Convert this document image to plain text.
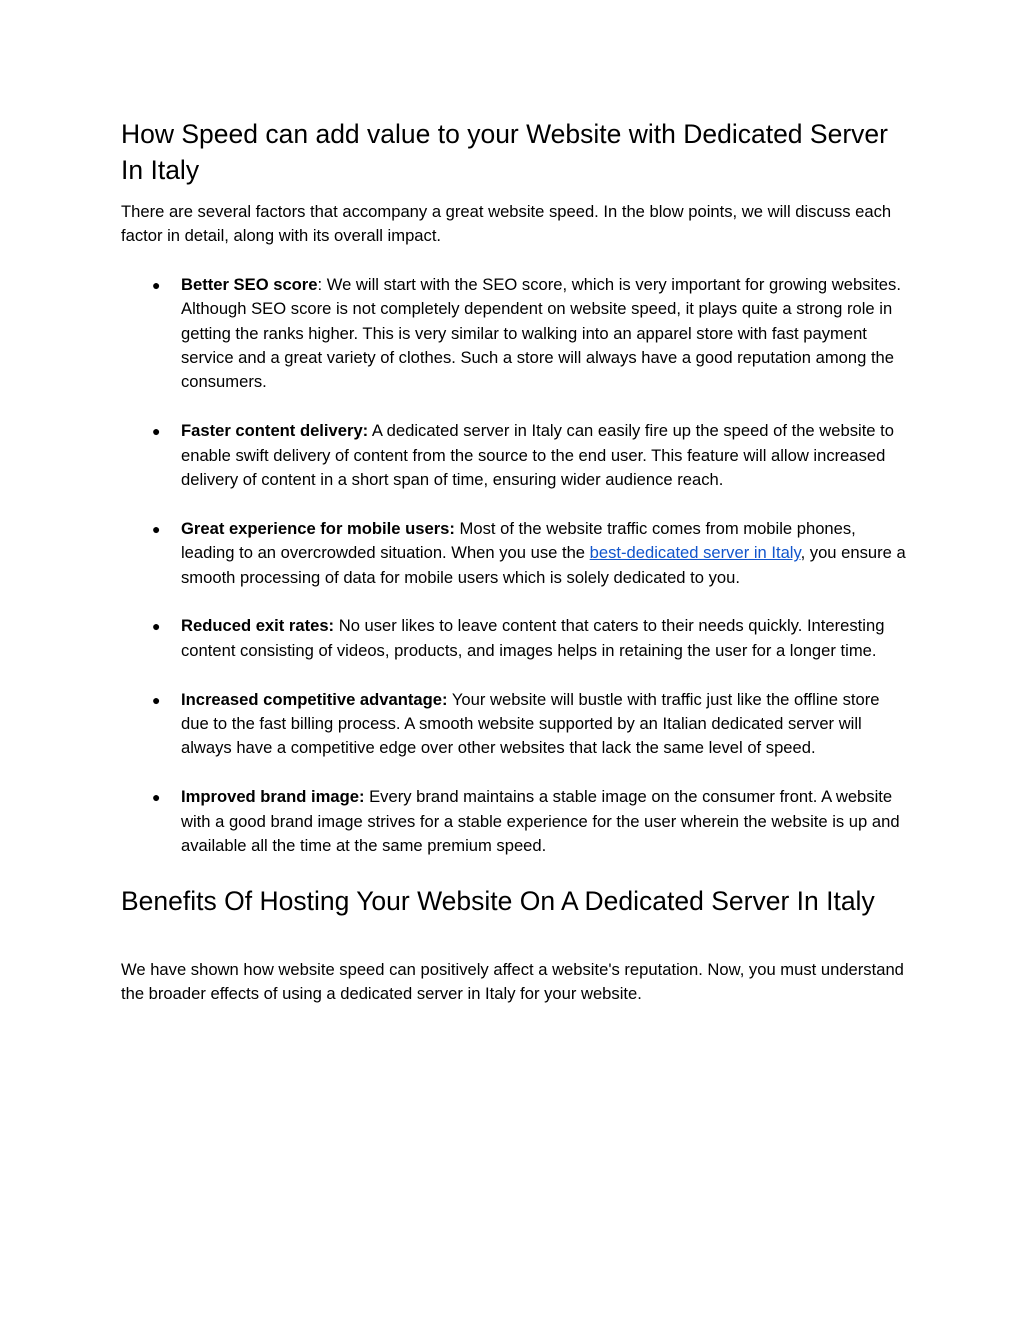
How Speed can add value to your Website with Dedicated Server In Italy

There are several factors that accompany a great website speed. In the blow points, we will discuss each factor in detail, along with its overall impact.

● Better SEO score: We will start with the SEO score, which is very important for growing websites. Although SEO score is not completely dependent on website speed, it plays quite a strong role in getting the ranks higher. This is very similar to walking into an apparel store with fast payment service and a great variety of clothes. Such a store will always have a good reputation among the consumers.
● Faster content delivery: A dedicated server in Italy can easily fire up the speed of the website to enable swift delivery of content from the source to the end user. This feature will allow increased delivery of content in a short span of time, ensuring wider audience reach.
● Great experience for mobile users: Most of the website traffic comes from mobile phones, leading to an overcrowded situation. When you use the best-dedicated server in Italy, you ensure a smooth processing of data for mobile users which is solely dedicated to you.
● Reduced exit rates: No user likes to leave content that caters to their needs quickly. Interesting content consisting of videos, products, and images helps in retaining the user for a longer time.
● Increased competitive advantage: Your website will bustle with traffic just like the offline store due to the fast billing process. A smooth website supported by an Italian dedicated server will always have a competitive edge over other websites that lack the same level of speed.
● Improved brand image: Every brand maintains a stable image on the consumer front. A website with a good brand image strives for a stable experience for the user wherein the website is up and available all the time at the same premium speed.
Benefits Of Hosting Your Website On A Dedicated Server In Italy

We have shown how website speed can positively affect a website's reputation. Now, you must understand the broader effects of using a dedicated server in Italy for your website.
